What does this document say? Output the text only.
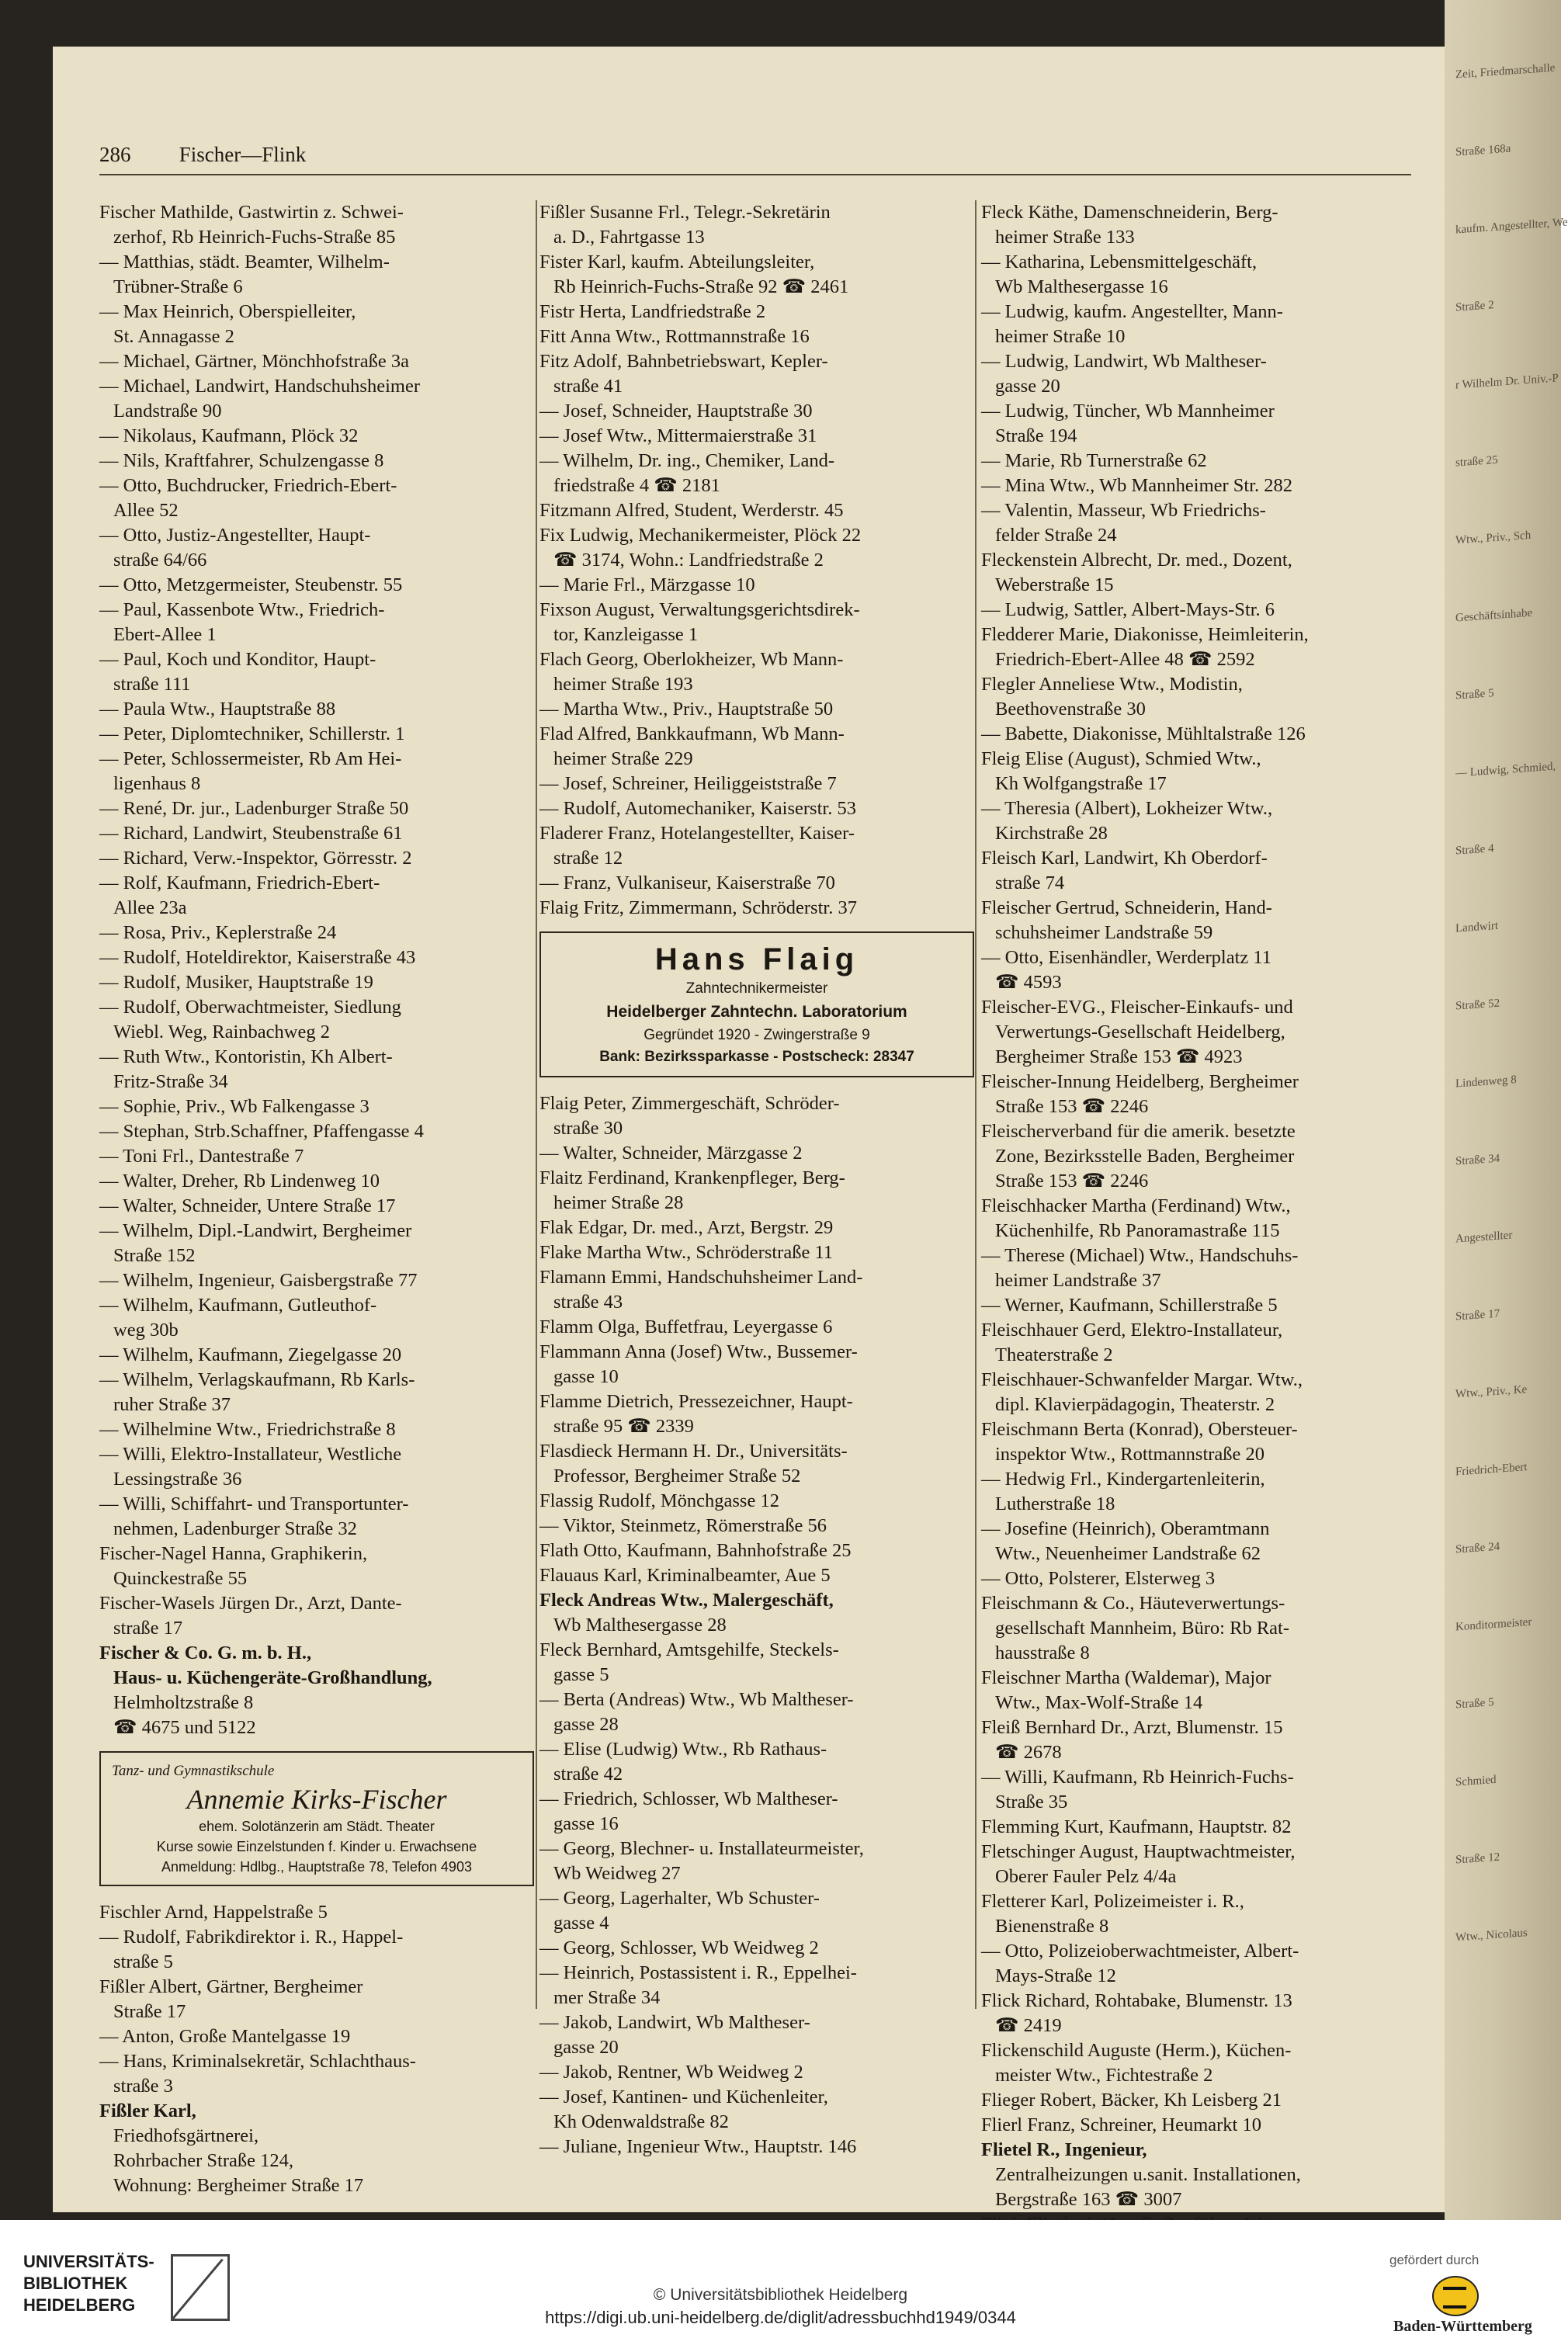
Zeit, Friedmarschalle
Straße 168a
kaufm. Angestellter, We
Straße 2
r Wilhelm Dr. Univ.-P
straße 25
Wtw., Priv., Sch
Geschäftsinhabe
Straße 5
— Ludwig, Schmied,
Straße 4
Landwirt
Straße 52
Lindenweg 8
Straße 34
Angestellter
Straße 17
Wtw., Priv., Ke
Friedrich-Ebert
Straße 24
Konditormeister
Straße 5
Schmied
Straße 12
Wtw., Nicolaus
286 Fischer—Flink
Fischer Mathilde, Gastwirtin z. Schwei-
zerhof, Rb Heinrich-Fuchs-Straße 85
— Matthias, städt. Beamter, Wilhelm-
Trübner-Straße 6
— Max Heinrich, Oberspielleiter,
St. Annagasse 2
— Michael, Gärtner, Mönchhofstraße 3a
— Michael, Landwirt, Handschuhsheimer
Landstraße 90
— Nikolaus, Kaufmann, Plöck 32
— Nils, Kraftfahrer, Schulzengasse 8
— Otto, Buchdrucker, Friedrich-Ebert-
Allee 52
— Otto, Justiz-Angestellter, Haupt-
straße 64/66
— Otto, Metzgermeister, Steubenstr. 55
— Paul, Kassenbote Wtw., Friedrich-
Ebert-Allee 1
— Paul, Koch und Konditor, Haupt-
straße 111
— Paula Wtw., Hauptstraße 88
— Peter, Diplomtechniker, Schillerstr. 1
— Peter, Schlossermeister, Rb Am Hei-
ligenhaus 8
— René, Dr. jur., Ladenburger Straße 50
— Richard, Landwirt, Steubenstraße 61
— Richard, Verw.-Inspektor, Görresstr. 2
— Rolf, Kaufmann, Friedrich-Ebert-
Allee 23a
— Rosa, Priv., Keplerstraße 24
— Rudolf, Hoteldirektor, Kaiserstraße 43
— Rudolf, Musiker, Hauptstraße 19
— Rudolf, Oberwachtmeister, Siedlung
Wiebl. Weg, Rainbachweg 2
— Ruth Wtw., Kontoristin, Kh Albert-
Fritz-Straße 34
— Sophie, Priv., Wb Falkengasse 3
— Stephan, Strb.Schaffner, Pfaffengasse 4
— Toni Frl., Dantestraße 7
— Walter, Dreher, Rb Lindenweg 10
— Walter, Schneider, Untere Straße 17
— Wilhelm, Dipl.-Landwirt, Bergheimer
Straße 152
— Wilhelm, Ingenieur, Gaisbergstraße 77
— Wilhelm, Kaufmann, Gutleuthof-
weg 30b
— Wilhelm, Kaufmann, Ziegelgasse 20
— Wilhelm, Verlagskaufmann, Rb Karls-
ruher Straße 37
— Wilhelmine Wtw., Friedrichstraße 8
— Willi, Elektro-Installateur, Westliche
Lessingstraße 36
— Willi, Schiffahrt- und Transportunter-
nehmen, Ladenburger Straße 32
Fischer-Nagel Hanna, Graphikerin,
Quinckestraße 55
Fischer-Wasels Jürgen Dr., Arzt, Dante-
straße 17
Fischer & Co. G. m. b. H.,
Haus- u. Küchengeräte-Großhandlung,
Helmholtzstraße 8
☎ 4675 und 5122
Tanz- und Gymnastikschule
Annemie Kirks-Fischer
ehem. Solotänzerin am Städt. Theater
Kurse sowie Einzelstunden f. Kinder u. Erwachsene
Anmeldung: Hdlbg., Hauptstraße 78, Telefon 4903
Fischler Arnd, Happelstraße 5
— Rudolf, Fabrikdirektor i. R., Happel-
straße 5
Fißler Albert, Gärtner, Bergheimer
Straße 17
— Anton, Große Mantelgasse 19
— Hans, Kriminalsekretär, Schlachthaus-
straße 3
Fißler Karl,
Friedhofsgärtnerei,
Rohrbacher Straße 124,
Wohnung: Bergheimer Straße 17
Fißler Susanne Frl., Telegr.-Sekretärin
a. D., Fahrtgasse 13
Fister Karl, kaufm. Abteilungsleiter,
Rb Heinrich-Fuchs-Straße 92 ☎ 2461
Fistr Herta, Landfriedstraße 2
Fitt Anna Wtw., Rottmannstraße 16
Fitz Adolf, Bahnbetriebswart, Kepler-
straße 41
— Josef, Schneider, Hauptstraße 30
— Josef Wtw., Mittermaierstraße 31
— Wilhelm, Dr. ing., Chemiker, Land-
friedstraße 4 ☎ 2181
Fitzmann Alfred, Student, Werderstr. 45
Fix Ludwig, Mechanikermeister, Plöck 22
☎ 3174, Wohn.: Landfriedstraße 2
— Marie Frl., Märzgasse 10
Fixson August, Verwaltungsgerichtsdirek-
tor, Kanzleigasse 1
Flach Georg, Oberlokheizer, Wb Mann-
heimer Straße 193
— Martha Wtw., Priv., Hauptstraße 50
Flad Alfred, Bankkaufmann, Wb Mann-
heimer Straße 229
— Josef, Schreiner, Heiliggeiststraße 7
— Rudolf, Automechaniker, Kaiserstr. 53
Fladerer Franz, Hotelangestellter, Kaiser-
straße 12
— Franz, Vulkaniseur, Kaiserstraße 70
Flaig Fritz, Zimmermann, Schröderstr. 37
Hans Flaig
Zahntechnikermeister
Heidelberger Zahntechn. Laboratorium
Gegründet 1920 - Zwingerstraße 9
Bank: Bezirkssparkasse - Postscheck: 28347
Flaig Peter, Zimmergeschäft, Schröder-
straße 30
— Walter, Schneider, Märzgasse 2
Flaitz Ferdinand, Krankenpfleger, Berg-
heimer Straße 28
Flak Edgar, Dr. med., Arzt, Bergstr. 29
Flake Martha Wtw., Schröderstraße 11
Flamann Emmi, Handschuhsheimer Land-
straße 43
Flamm Olga, Buffetfrau, Leyergasse 6
Flammann Anna (Josef) Wtw., Bussemer-
gasse 10
Flamme Dietrich, Pressezeichner, Haupt-
straße 95 ☎ 2339
Flasdieck Hermann H. Dr., Universitäts-
Professor, Bergheimer Straße 52
Flassig Rudolf, Mönchgasse 12
— Viktor, Steinmetz, Römerstraße 56
Flath Otto, Kaufmann, Bahnhofstraße 25
Flauaus Karl, Kriminalbeamter, Aue 5
Fleck Andreas Wtw., Malergeschäft,
Wb Malthesergasse 28
Fleck Bernhard, Amtsgehilfe, Steckels-
gasse 5
— Berta (Andreas) Wtw., Wb Maltheser-
gasse 28
— Elise (Ludwig) Wtw., Rb Rathaus-
straße 42
— Friedrich, Schlosser, Wb Maltheser-
gasse 16
— Georg, Blechner- u. Installateurmeister,
Wb Weidweg 27
— Georg, Lagerhalter, Wb Schuster-
gasse 4
— Georg, Schlosser, Wb Weidweg 2
— Heinrich, Postassistent i. R., Eppelhei-
mer Straße 34
— Jakob, Landwirt, Wb Maltheser-
gasse 20
— Jakob, Rentner, Wb Weidweg 2
— Josef, Kantinen- und Küchenleiter,
Kh Odenwaldstraße 82
— Juliane, Ingenieur Wtw., Hauptstr. 146
Fleck Käthe, Damenschneiderin, Berg-
heimer Straße 133
— Katharina, Lebensmittelgeschäft,
Wb Malthesergasse 16
— Ludwig, kaufm. Angestellter, Mann-
heimer Straße 10
— Ludwig, Landwirt, Wb Maltheser-
gasse 20
— Ludwig, Tüncher, Wb Mannheimer
Straße 194
— Marie, Rb Turnerstraße 62
— Mina Wtw., Wb Mannheimer Str. 282
— Valentin, Masseur, Wb Friedrichs-
felder Straße 24
Fleckenstein Albrecht, Dr. med., Dozent,
Weberstraße 15
— Ludwig, Sattler, Albert-Mays-Str. 6
Fledderer Marie, Diakonisse, Heimleiterin,
Friedrich-Ebert-Allee 48 ☎ 2592
Flegler Anneliese Wtw., Modistin,
Beethovenstraße 30
— Babette, Diakonisse, Mühltalstraße 126
Fleig Elise (August), Schmied Wtw.,
Kh Wolfgangstraße 17
— Theresia (Albert), Lokheizer Wtw.,
Kirchstraße 28
Fleisch Karl, Landwirt, Kh Oberdorf-
straße 74
Fleischer Gertrud, Schneiderin, Hand-
schuhsheimer Landstraße 59
— Otto, Eisenhändler, Werderplatz 11
☎ 4593
Fleischer-EVG., Fleischer-Einkaufs- und
Verwertungs-Gesellschaft Heidelberg,
Bergheimer Straße 153 ☎ 4923
Fleischer-Innung Heidelberg, Bergheimer
Straße 153 ☎ 2246
Fleischerverband für die amerik. besetzte
Zone, Bezirksstelle Baden, Bergheimer
Straße 153 ☎ 2246
Fleischhacker Martha (Ferdinand) Wtw.,
Küchenhilfe, Rb Panoramastraße 115
— Therese (Michael) Wtw., Handschuhs-
heimer Landstraße 37
— Werner, Kaufmann, Schillerstraße 5
Fleischhauer Gerd, Elektro-Installateur,
Theaterstraße 2
Fleischhauer-Schwanfelder Margar. Wtw.,
dipl. Klavierpädagogin, Theaterstr. 2
Fleischmann Berta (Konrad), Obersteuer-
inspektor Wtw., Rottmannstraße 20
— Hedwig Frl., Kindergartenleiterin,
Lutherstraße 18
— Josefine (Heinrich), Oberamtmann
Wtw., Neuenheimer Landstraße 62
— Otto, Polsterer, Elsterweg 3
Fleischmann & Co., Häuteverwertungs-
gesellschaft Mannheim, Büro: Rb Rat-
hausstraße 8
Fleischner Martha (Waldemar), Major
Wtw., Max-Wolf-Straße 14
Fleiß Bernhard Dr., Arzt, Blumenstr. 15
☎ 2678
— Willi, Kaufmann, Rb Heinrich-Fuchs-
Straße 35
Flemming Kurt, Kaufmann, Hauptstr. 82
Fletschinger August, Hauptwachtmeister,
Oberer Fauler Pelz 4/4a
Fletterer Karl, Polizeimeister i. R.,
Bienenstraße 8
— Otto, Polizeioberwachtmeister, Albert-
Mays-Straße 12
Flick Richard, Rohtabake, Blumenstr. 13
☎ 2419
Flickenschild Auguste (Herm.), Küchen-
meister Wtw., Fichtestraße 2
Flieger Robert, Bäcker, Kh Leisberg 21
Flierl Franz, Schreiner, Heumarkt 10
Flietel R., Ingenieur,
Zentralheizungen u.sanit. Installationen,
Bergstraße 163 ☎ 3007
UNIVERSITÄTS-
BIBLIOTHEK
HEIDELBERG
© Universitätsbibliothek Heidelberg
https://digi.ub.uni-heidelberg.de/diglit/adressbuchhd1949/0344
gefördert durch
Baden-Württemberg
